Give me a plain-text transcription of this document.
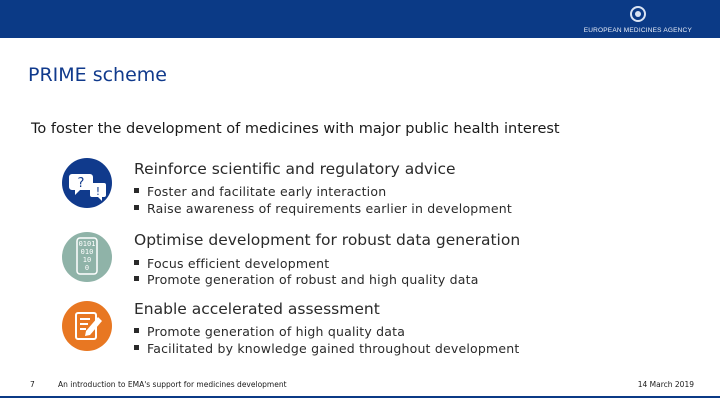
EUROPEAN MEDICINES AGENCY
PRIME scheme
To foster the development of medicines with major public health interest
?
!
Reinforce scientific and regulatory advice
Foster and facilitate early interaction
Raise awareness of requirements earlier in development
0101
010
10
0
Optimise development for robust data generation
Focus efficient development
Promote generation of robust and high quality data
Enable accelerated assessment
Promote generation of high quality data
Facilitated by knowledge gained throughout development
7	An introduction to EMA's support for medicines development	14 March 2019
